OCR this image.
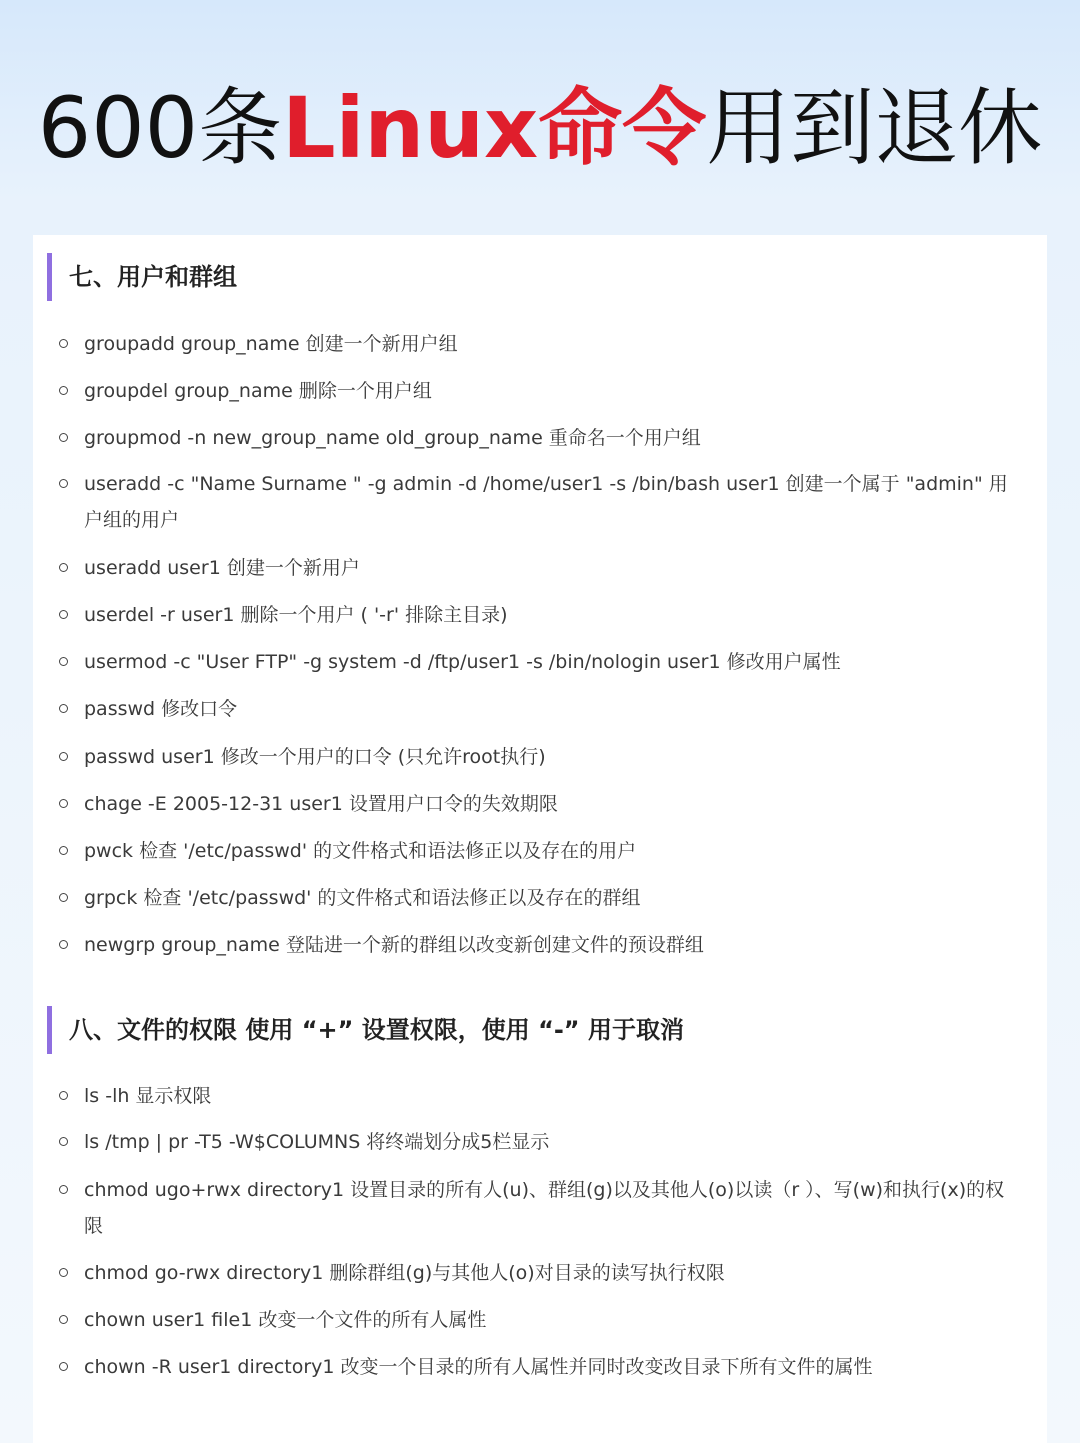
600条Linux命令用到退休
七、用户和群组
groupadd group_name 创建一个新用户组
groupdel group_name 删除一个用户组
groupmod -n new_group_name old_group_name 重命名一个用户组
useradd -c "Name Surname " -g admin -d /home/user1 -s /bin/bash user1 创建一个属于 "admin" 用户组的用户
useradd user1 创建一个新用户
userdel -r user1 删除一个用户 ( '-r' 排除主目录)
usermod -c "User FTP" -g system -d /ftp/user1 -s /bin/nologin user1 修改用户属性
passwd 修改口令
passwd user1 修改一个用户的口令 (只允许root执行)
chage -E 2005-12-31 user1 设置用户口令的失效期限
pwck 检查 '/etc/passwd' 的文件格式和语法修正以及存在的用户
grpck 检查 '/etc/passwd' 的文件格式和语法修正以及存在的群组
newgrp group_name 登陆进一个新的群组以改变新创建文件的预设群组
八、文件的权限 使用 “+” 设置权限，使用 “-” 用于取消
ls -lh 显示权限
ls /tmp | pr -T5 -W$COLUMNS 将终端划分成5栏显示
chmod ugo+rwx directory1 设置目录的所有人(u)、群组(g)以及其他人(o)以读（r ）、写(w)和执行(x)的权限
chmod go-rwx directory1 删除群组(g)与其他人(o)对目录的读写执行权限
chown user1 file1 改变一个文件的所有人属性
chown -R user1 directory1 改变一个目录的所有人属性并同时改变改目录下所有文件的属性
